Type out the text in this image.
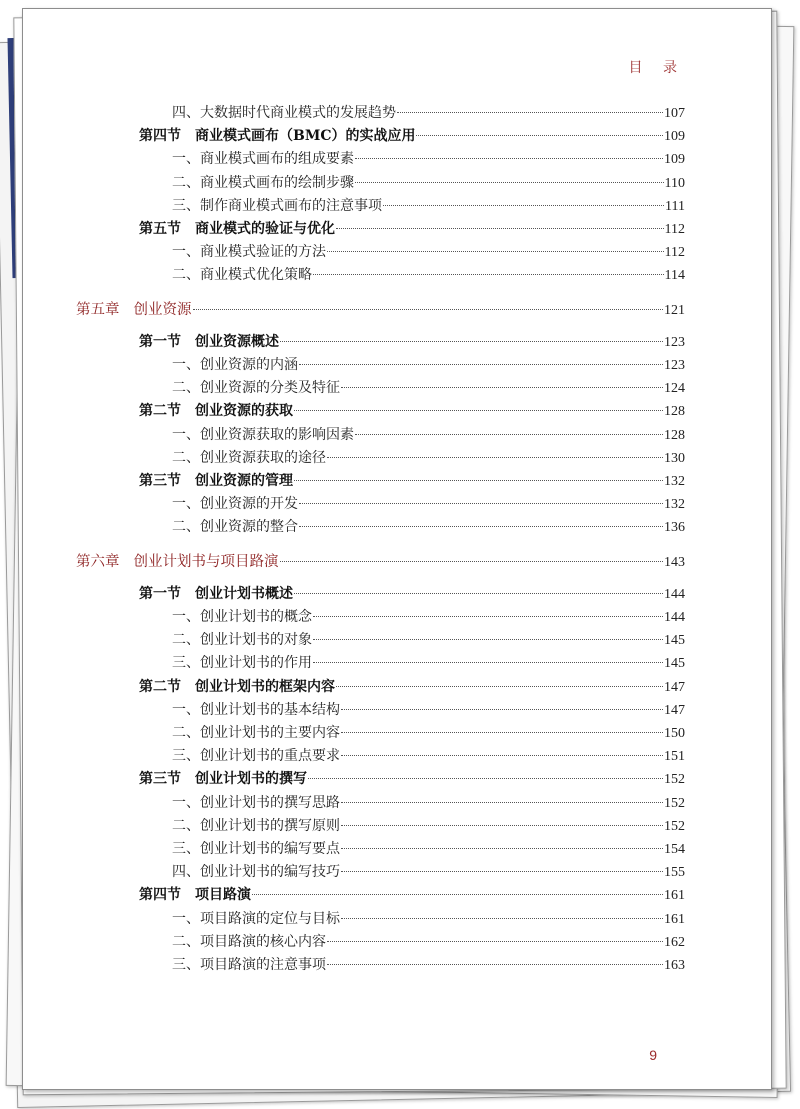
目 录
四、大数据时代商业模式的发展趋势	107
第四节 商业模式画布（BMC）的实战应用	109
一、商业模式画布的组成要素	109
二、商业模式画布的绘制步骤	110
三、制作商业模式画布的注意事项	111
第五节 商业模式的验证与优化	112
一、商业模式验证的方法	112
二、商业模式优化策略	114
第五章 创业资源	121
第一节 创业资源概述	123
一、创业资源的内涵	123
二、创业资源的分类及特征	124
第二节 创业资源的获取	128
一、创业资源获取的影响因素	128
二、创业资源获取的途径	130
第三节 创业资源的管理	132
一、创业资源的开发	132
二、创业资源的整合	136
第六章 创业计划书与项目路演	143
第一节 创业计划书概述	144
一、创业计划书的概念	144
二、创业计划书的对象	145
三、创业计划书的作用	145
第二节 创业计划书的框架内容	147
一、创业计划书的基本结构	147
二、创业计划书的主要内容	150
三、创业计划书的重点要求	151
第三节 创业计划书的撰写	152
一、创业计划书的撰写思路	152
二、创业计划书的撰写原则	152
三、创业计划书的编写要点	154
四、创业计划书的编写技巧	155
第四节 项目路演	161
一、项目路演的定位与目标	161
二、项目路演的核心内容	162
三、项目路演的注意事项	163
9
